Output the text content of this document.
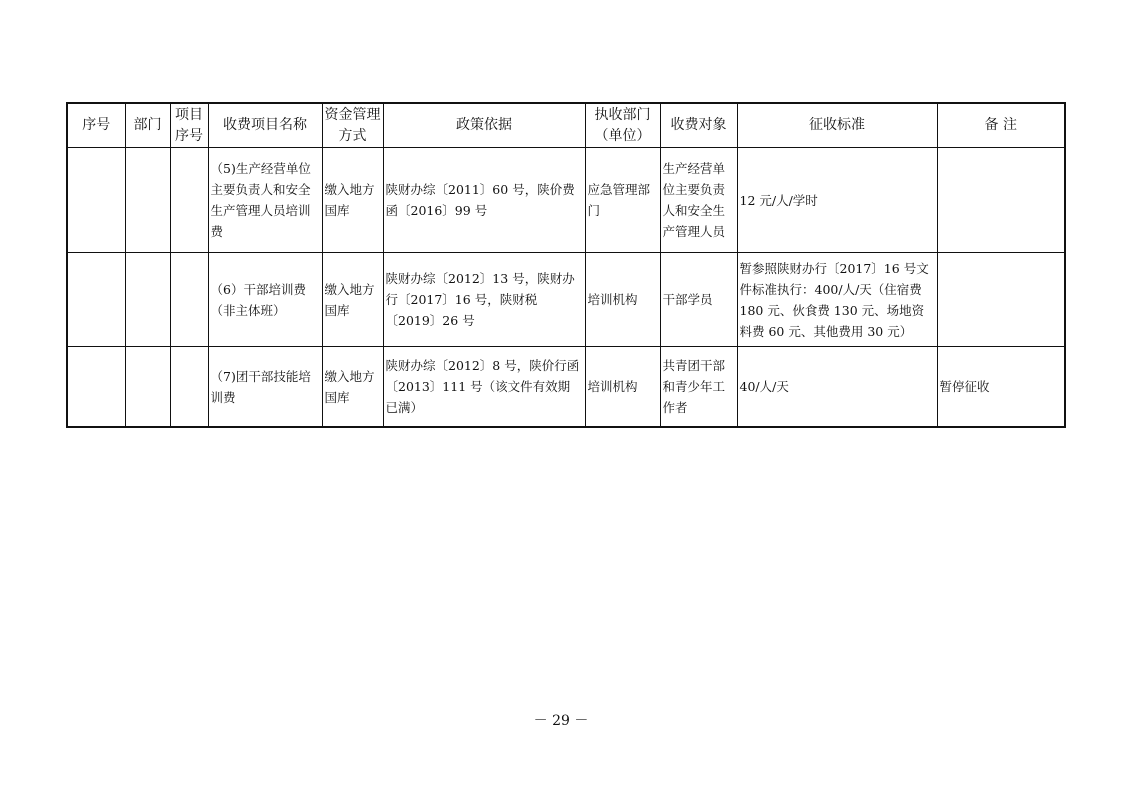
序号	部门	项目序号	收费项目名称	资金管理方式	政策依据	执收部门（单位）	收费对象	征收标准	备 注
			（5)生产经营单位主要负责人和安全生产管理人员培训费	缴入地方国库	陕财办综〔2011〕60 号，陕价费函〔2016〕99 号	应急管理部门	生产经营单位主要负责人和安全生产管理人员	12 元/人/学时	
			（6）干部培训费（非主体班）	缴入地方国库	陕财办综〔2012〕13 号，陕财办行〔2017〕16 号，陕财税〔2019〕26 号	培训机构	干部学员	暂参照陕财办行〔2017〕16 号文件标准执行：400/人/天（住宿费 180 元、伙食费 130 元、场地资料费 60 元、其他费用 30 元）	
			（7)团干部技能培训费	缴入地方国库	陕财办综〔2012〕8 号，陕价行函〔2013〕111 号（该文件有效期已满）	培训机构	共青团干部和青少年工作者	40/人/天	暂停征收
－ 29 －
